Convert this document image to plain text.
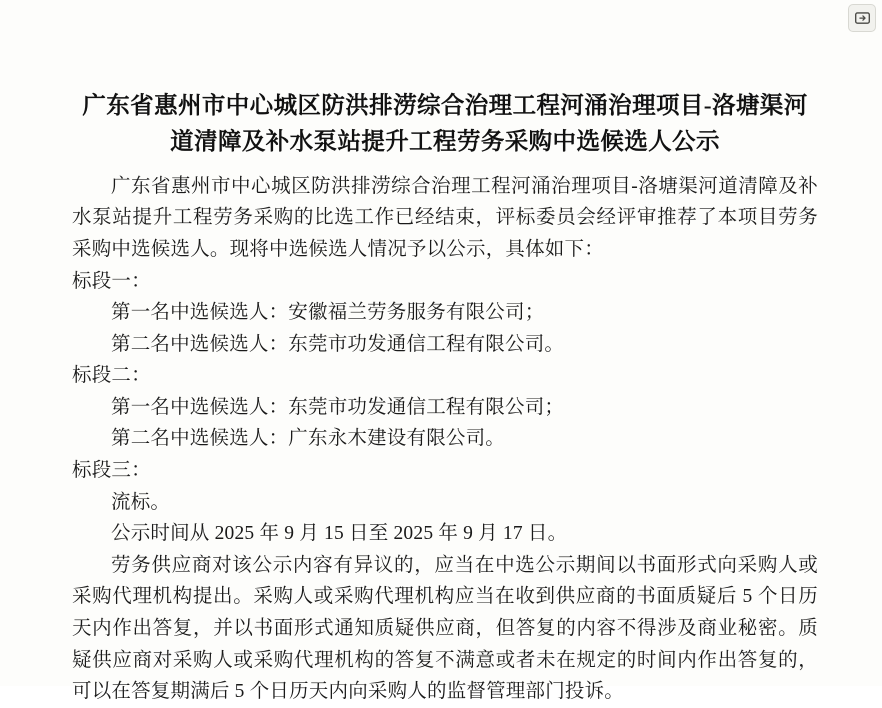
广东省惠州市中心城区防洪排涝综合治理工程河涌治理项目-洛塘渠河
道清障及补水泵站提升工程劳务采购中选候选人公示

广东省惠州市中心城区防洪排涝综合治理工程河涌治理项目-洛塘渠河道清障及补水泵站提升工程劳务采购的比选工作已经结束，评标委员会经评审推荐了本项目劳务采购中选候选人。现将中选候选人情况予以公示，具体如下：

标段一：

第一名中选候选人：安徽福兰劳务服务有限公司；

第二名中选候选人：东莞市功发通信工程有限公司。

标段二：

第一名中选候选人：东莞市功发通信工程有限公司；

第二名中选候选人：广东永木建设有限公司。

标段三：

流标。

公示时间从 2025 年 9 月 15 日至 2025 年 9 月 17 日。

劳务供应商对该公示内容有异议的，应当在中选公示期间以书面形式向采购人或采购代理机构提出。采购人或采购代理机构应当在收到供应商的书面质疑后 5 个日历天内作出答复，并以书面形式通知质疑供应商，但答复的内容不得涉及商业秘密。质疑供应商对采购人或采购代理机构的答复不满意或者未在规定的时间内作出答复的，可以在答复期满后 5 个日历天内向采购人的监督管理部门投诉。
